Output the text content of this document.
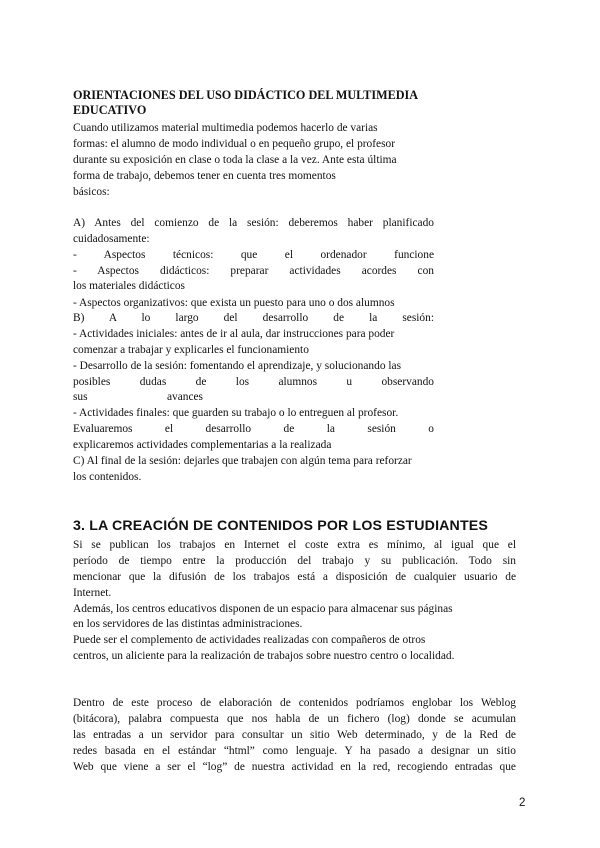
ORIENTACIONES DEL USO DIDÁCTICO DEL MULTIMEDIA

EDUCATIVO

Cuando utilizamos material multimedia podemos hacerlo de varias

formas: el alumno de modo individual o en pequeño grupo, el profesor

durante su exposición en clase o toda la clase a la vez. Ante esta última

forma de trabajo, debemos tener en cuenta tres momentos

básicos:

A) Antes del comienzo de la sesión: deberemos haber planificado

cuidadosamente:

- Aspectos técnicos: que el ordenador funcione

- Aspectos didácticos: preparar actividades acordes con

los materiales didácticos

- Aspectos organizativos: que exista un puesto para uno o dos alumnos

B) A lo largo del desarrollo de la sesión:

- Actividades iniciales: antes de ir al aula, dar instrucciones para poder

comenzar a trabajar y explicarles el funcionamiento

- Desarrollo de la sesión: fomentando el aprendizaje, y solucionando las

posibles dudas de los alumnos u observando

sus avances

- Actividades finales: que guarden su trabajo o lo entreguen al profesor.

Evaluaremos el desarrollo de la sesión o

explicaremos actividades complementarias a la realizada

C) Al final de la sesión: dejarles que trabajen con algún tema para reforzar

los contenidos.

3. LA CREACIÓN DE CONTENIDOS POR LOS ESTUDIANTES

Si se publican los trabajos en Internet el coste extra es mínimo, al igual que el

período de tiempo entre la producción del trabajo y su publicación. Todo sin

mencionar que la difusión de los trabajos está a disposición de cualquier usuario de

Internet.

Además, los centros educativos disponen de un espacio para almacenar sus páginas

en los servidores de las distintas administraciones.

Puede ser el complemento de actividades realizadas con compañeros de otros

centros, un aliciente para la realización de trabajos sobre nuestro centro o localidad.

Dentro de este proceso de elaboración de contenidos podríamos englobar los Weblog

(bitácora), palabra compuesta que nos habla de un fichero (log) donde se acumulan

las entradas a un servidor para consultar un sitio Web determinado, y de la Red de

redes basada en el estándar “html” como lenguaje. Y ha pasado a designar un sitio

Web que viene a ser el “log” de nuestra actividad en la red, recogiendo entradas que

2
